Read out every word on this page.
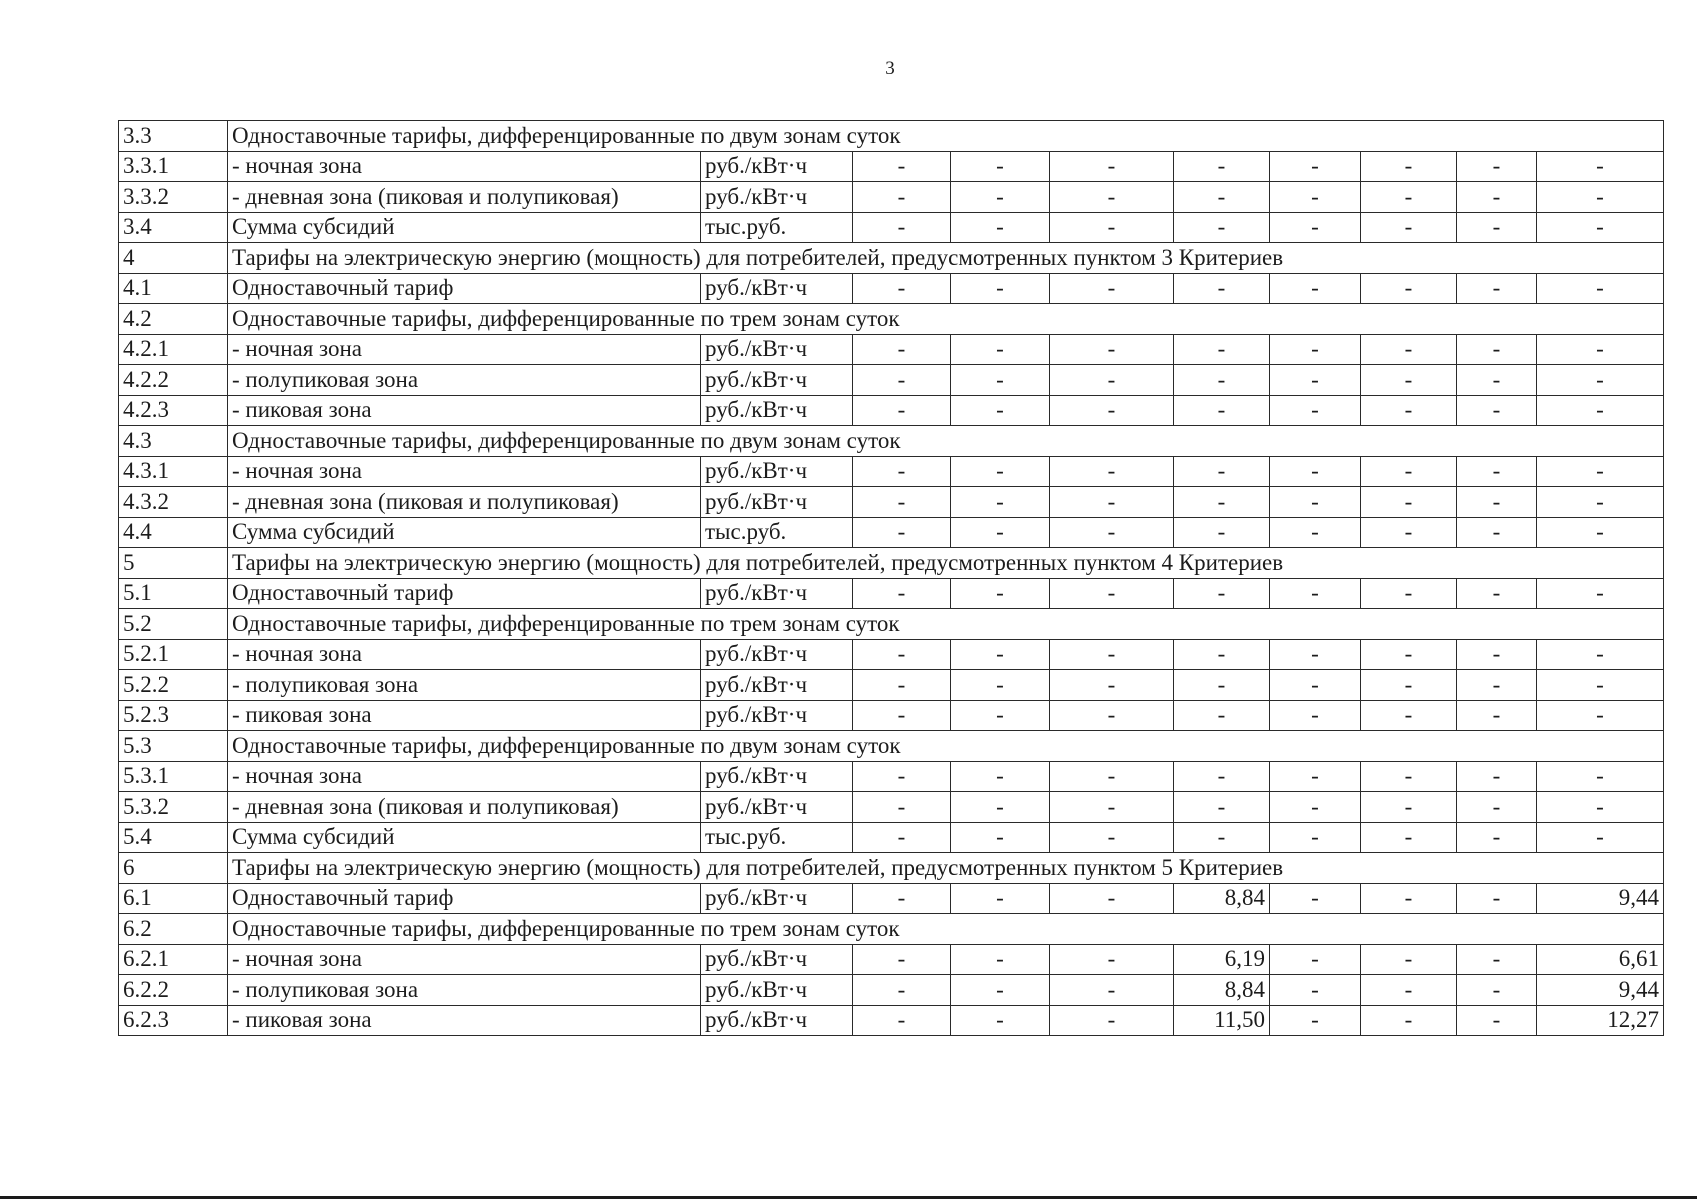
3
3.3	Одноставочные тарифы, дифференцированные по двум зонам суток									
3.3.1	- ночная зона	руб./кВт·ч	-	-	-	-	-	-	-	-
3.3.2	- дневная зона (пиковая и полупиковая)	руб./кВт·ч	-	-	-	-	-	-	-	-
3.4	Сумма субсидий	тыс.руб.	-	-	-	-	-	-	-	-
4	Тарифы на электрическую энергию (мощность) для потребителей, предусмотренных пунктом 3 Критериев									
4.1	Одноставочный тариф	руб./кВт·ч	-	-	-	-	-	-	-	-
4.2	Одноставочные тарифы, дифференцированные по трем зонам суток									
4.2.1	- ночная зона	руб./кВт·ч	-	-	-	-	-	-	-	-
4.2.2	- полупиковая зона	руб./кВт·ч	-	-	-	-	-	-	-	-
4.2.3	- пиковая зона	руб./кВт·ч	-	-	-	-	-	-	-	-
4.3	Одноставочные тарифы, дифференцированные по двум зонам суток									
4.3.1	- ночная зона	руб./кВт·ч	-	-	-	-	-	-	-	-
4.3.2	- дневная зона (пиковая и полупиковая)	руб./кВт·ч	-	-	-	-	-	-	-	-
4.4	Сумма субсидий	тыс.руб.	-	-	-	-	-	-	-	-
5	Тарифы на электрическую энергию (мощность) для потребителей, предусмотренных пунктом 4 Критериев									
5.1	Одноставочный тариф	руб./кВт·ч	-	-	-	-	-	-	-	-
5.2	Одноставочные тарифы, дифференцированные по трем зонам суток									
5.2.1	- ночная зона	руб./кВт·ч	-	-	-	-	-	-	-	-
5.2.2	- полупиковая зона	руб./кВт·ч	-	-	-	-	-	-	-	-
5.2.3	- пиковая зона	руб./кВт·ч	-	-	-	-	-	-	-	-
5.3	Одноставочные тарифы, дифференцированные по двум зонам суток									
5.3.1	- ночная зона	руб./кВт·ч	-	-	-	-	-	-	-	-
5.3.2	- дневная зона (пиковая и полупиковая)	руб./кВт·ч	-	-	-	-	-	-	-	-
5.4	Сумма субсидий	тыс.руб.	-	-	-	-	-	-	-	-
6	Тарифы на электрическую энергию (мощность) для потребителей, предусмотренных пунктом 5 Критериев									
6.1	Одноставочный тариф	руб./кВт·ч	-	-	-	8,84	-	-	-	9,44
6.2	Одноставочные тарифы, дифференцированные по трем зонам суток									
6.2.1	- ночная зона	руб./кВт·ч	-	-	-	6,19	-	-	-	6,61
6.2.2	- полупиковая зона	руб./кВт·ч	-	-	-	8,84	-	-	-	9,44
6.2.3	- пиковая зона	руб./кВт·ч	-	-	-	11,50	-	-	-	12,27
